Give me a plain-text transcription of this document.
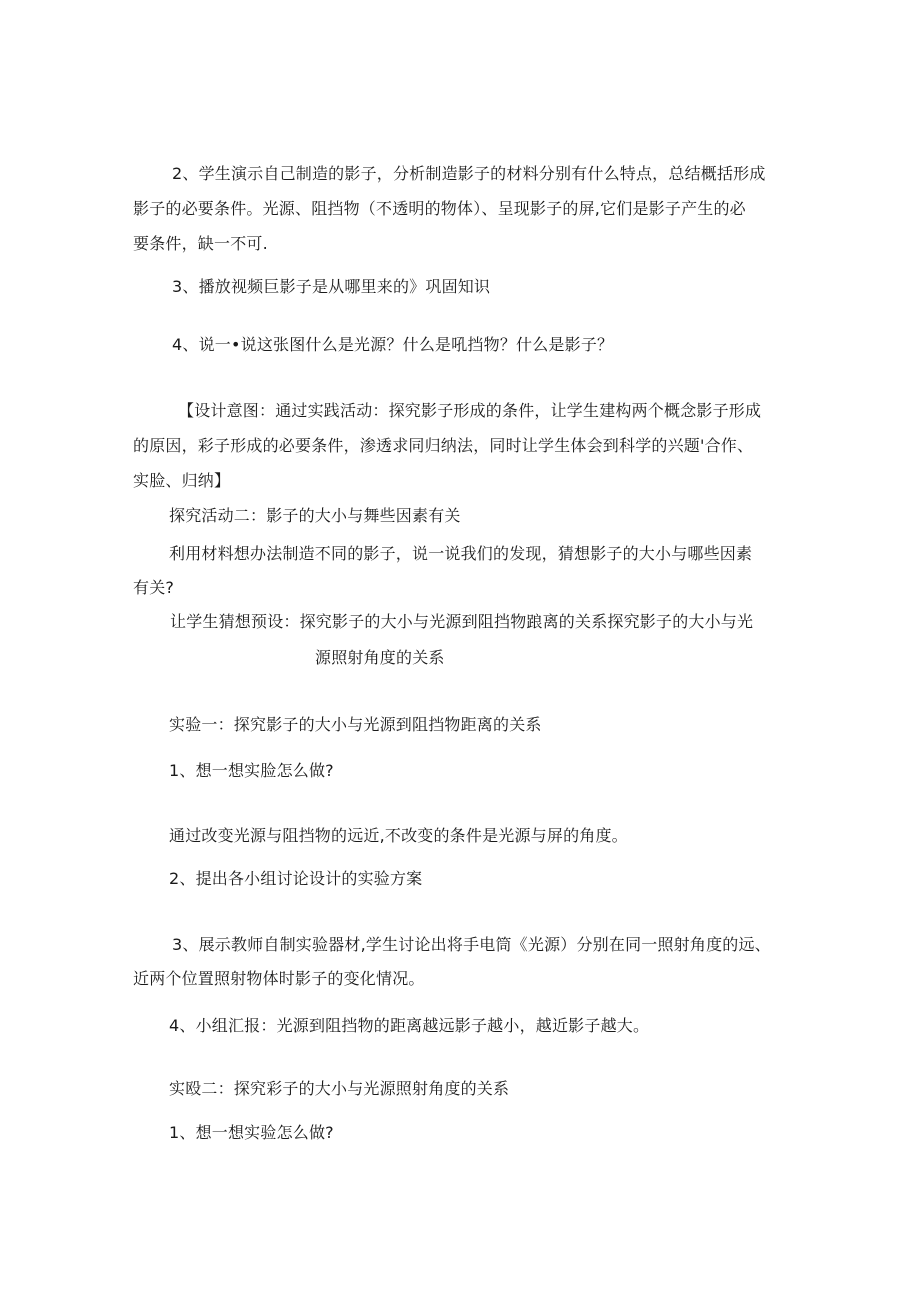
2、学生演示自己制造的影子，分析制造影子的材料分别有什么特点，总结概括形成
影子的必要条件。光源、阻挡物（不透明的物体）、呈现影子的屏,它们是影子产生的必
要条件，缺一不可.
3、播放视频巨影子是从哪里来的》巩固知识
4、说一•说这张图什么是光源？什么是吼挡物？什么是影子？
【设计意图：通过实践活动：探究影子形成的条件，让学生建构两个概念影子形成
的原因，彩子形成的必要条件，渗透求同归纳法，同时让学生体会到科学的兴题'合作、
实脸、归纳】
探究活动二：影子的大小与舞些因素有关
利用材料想办法制造不同的影子，说一说我们的发现，猜想影子的大小与哪些因素
有关?
让学生猜想预设：探究影子的大小与光源到阻挡物踉离的关系探究影子的大小与光
源照射角度的关系
实验一：探究影子的大小与光源到阻挡物距离的关系
1、想一想实脸怎么做?
通过改变光源与阻挡物的远近,不改变的条件是光源与屏的角度。
2、提出各小组讨论设计的实验方案
3、展示教师自制实验器材,学生讨论出将手电筒《光源）分别在同一照射角度的远、
近两个位置照射物体时影子的变化情况。
4、小组汇报：光源到阻挡物的距离越远影子越小，越近影子越大。
实殴二：探究彩子的大小与光源照射角度的关系
1、想一想实验怎么做?
